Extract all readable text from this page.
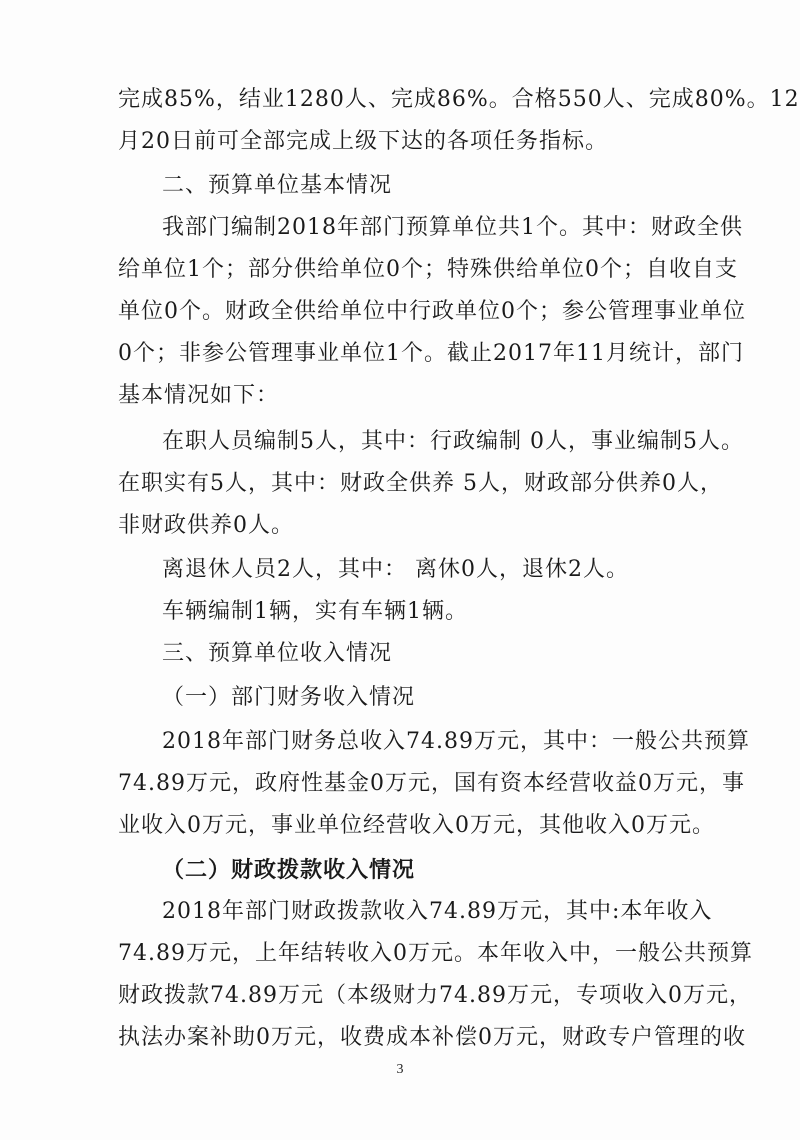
完成85%，结业1280人、完成86%。合格550人、完成80%。12
月20日前可全部完成上级下达的各项任务指标。
二、预算单位基本情况
我部门编制2018年部门预算单位共1个。其中：财政全供
给单位1个；部分供给单位0个；特殊供给单位0个；自收自支
单位0个。财政全供给单位中行政单位0个；参公管理事业单位
0个；非参公管理事业单位1个。截止2017年11月统计，部门
基本情况如下：
在职人员编制5人，其中：行政编制 0人，事业编制5人。
在职实有5人，其中：财政全供养 5人，财政部分供养0人，
非财政供养0人。
离退休人员2人，其中： 离休0人，退休2人。
车辆编制1辆，实有车辆1辆。
三、预算单位收入情况
（一）部门财务收入情况
2018年部门财务总收入74.89万元，其中：一般公共预算
74.89万元，政府性基金0万元，国有资本经营收益0万元，事
业收入0万元，事业单位经营收入0万元，其他收入0万元。
（二）财政拨款收入情况
2018年部门财政拨款收入74.89万元，其中:本年收入
74.89万元，上年结转收入0万元。本年收入中，一般公共预算
财政拨款74.89万元（本级财力74.89万元，专项收入0万元，
执法办案补助0万元，收费成本补偿0万元，财政专户管理的收
3
